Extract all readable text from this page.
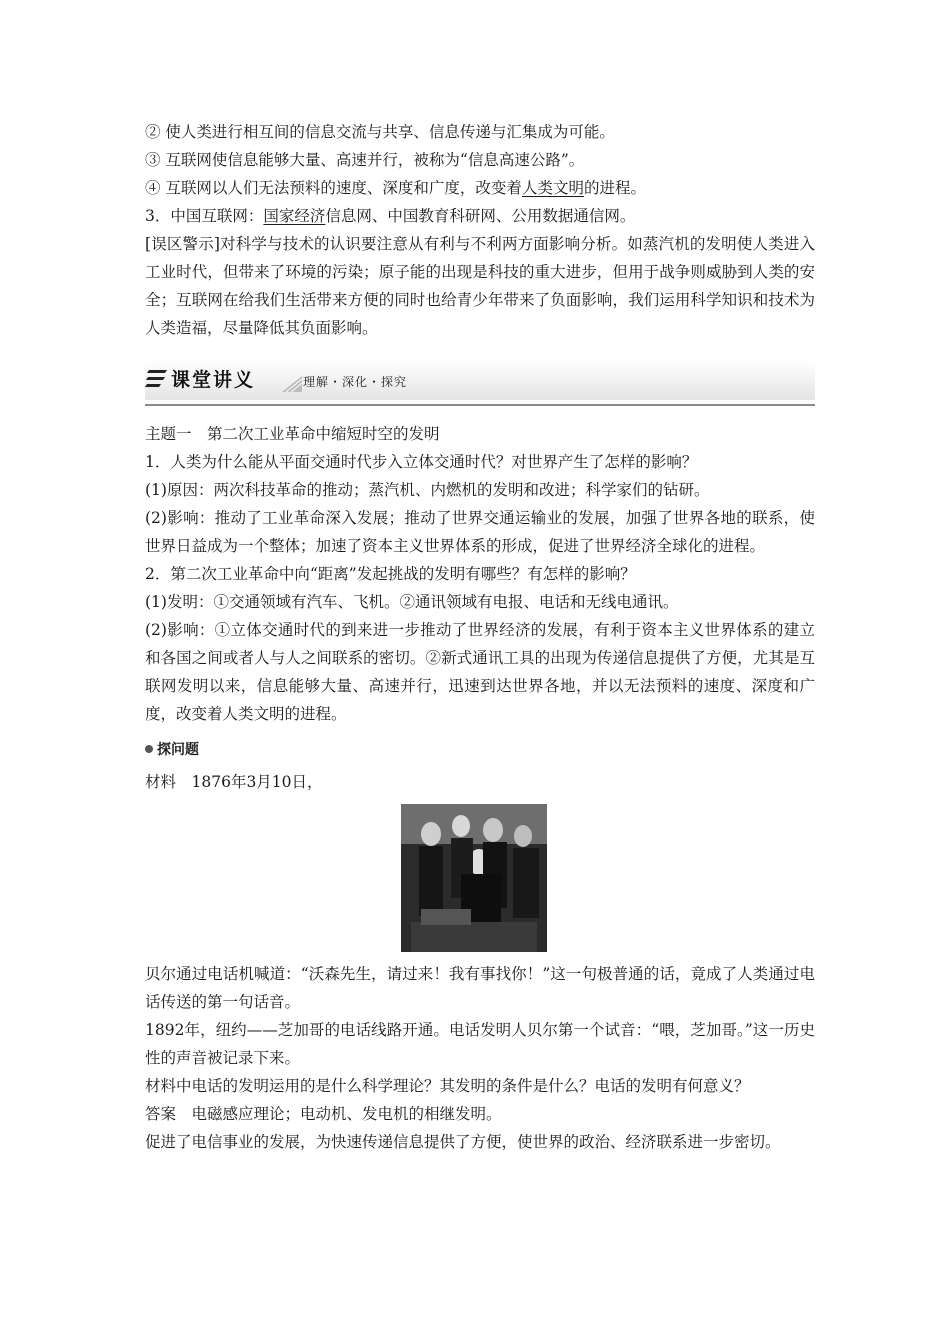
② 使人类进行相互间的信息交流与共享、信息传递与汇集成为可能。
③ 互联网使信息能够大量、高速并行，被称为“信息高速公路”。
④ 互联网以人们无法预料的速度、深度和广度，改变着人类文明的进程。
3．中国互联网：国家经济信息网、中国教育科研网、公用数据通信网。
[误区警示]对科学与技术的认识要注意从有利与不利两方面影响分析。如蒸汽机的发明使人类进入工业时代，但带来了环境的污染；原子能的出现是科技的重大进步，但用于战争则威胁到人类的安全；互联网在给我们生活带来方便的同时也给青少年带来了负面影响，我们运用科学知识和技术为人类造福，尽量降低其负面影响。
课堂讲义	理解・深化・探究
主题一　第二次工业革命中缩短时空的发明
1．人类为什么能从平面交通时代步入立体交通时代？对世界产生了怎样的影响？
(1)原因：两次科技革命的推动；蒸汽机、内燃机的发明和改进；科学家们的钻研。
(2)影响：推动了工业革命深入发展；推动了世界交通运输业的发展，加强了世界各地的联系，使世界日益成为一个整体；加速了资本主义世界体系的形成，促进了世界经济全球化的进程。
2．第二次工业革命中向“距离”发起挑战的发明有哪些？有怎样的影响？
(1)发明：①交通领域有汽车、飞机。②通讯领域有电报、电话和无线电通讯。
(2)影响：①立体交通时代的到来进一步推动了世界经济的发展，有利于资本主义世界体系的建立和各国之间或者人与人之间联系的密切。②新式通讯工具的出现为传递信息提供了方便，尤其是互联网发明以来，信息能够大量、高速并行，迅速到达世界各地，并以无法预料的速度、深度和广度，改变着人类文明的进程。
探问题
材料　1876年3月10日，
贝尔通过电话机喊道：“沃森先生，请过来！我有事找你！”这一句极普通的话，竟成了人类通过电话传送的第一句话音。
1892年，纽约——芝加哥的电话线路开通。电话发明人贝尔第一个试音：“喂，芝加哥。”这一历史性的声音被记录下来。
材料中电话的发明运用的是什么科学理论？其发明的条件是什么？电话的发明有何意义？
答案　电磁感应理论；电动机、发电机的相继发明。
促进了电信事业的发展，为快速传递信息提供了方便，使世界的政治、经济联系进一步密切。
